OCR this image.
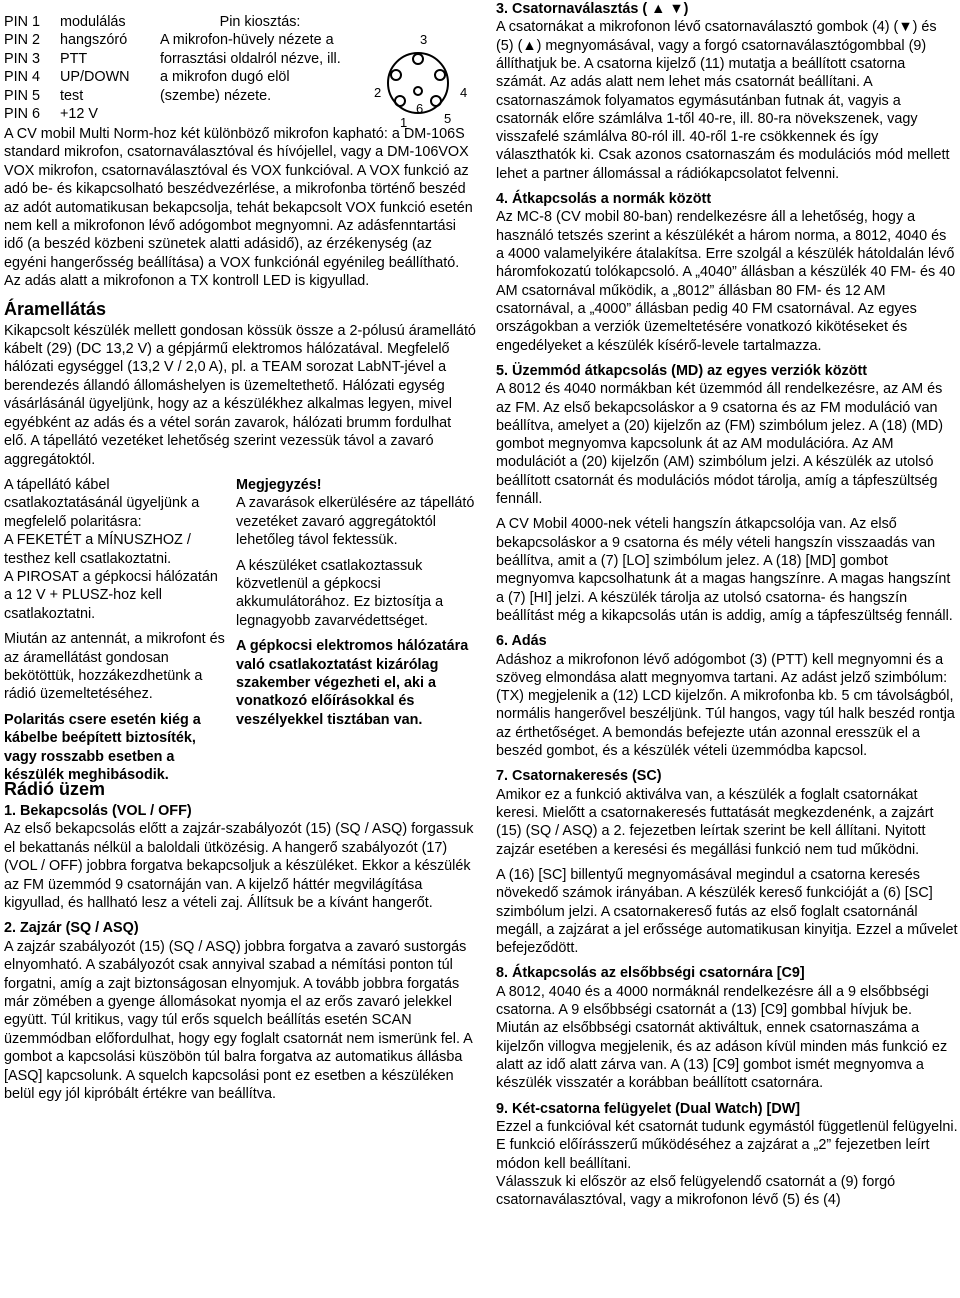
PIN 1	modulálás
PIN 2	hangszóró
PIN 3	PTT
PIN 4	UP/DOWN
PIN 5	test
PIN 6	+12 V
Pin kiosztás:
A mikrofon-hüvely nézete a
forrasztási oldalról nézve, ill.
a mikrofon dugó elöl
(szembe) nézete.
1
2
3
4
5
6

A CV mobil Multi Norm-hoz két különböző mikrofon kapható: a DM-106S standard mikrofon, csatornaválasztóval és hívójellel, vagy a DM-106VOX VOX mikrofon, csatornaválasztóval és VOX funkcióval. A VOX funkció az adó be- és kikapcsolható beszédvezérlése, a mikrofonba történő beszéd az adót automatikusan bekapcsolja, tehát bekapcsolt VOX funkció esetén nem kell a mikrofonon lévő adógombot megnyomni. Az adásfenntartási idő (a beszéd közbeni szünetek alatti adásidő), az érzékenység (az egyéni hangerősség beállítása) a VOX funkciónál egyénileg beállítható. Az adás alatt a mikrofonon a TX kontroll LED is kigyullad.

Áramellátás

Kikapcsolt készülék mellett gondosan kössük össze a 2-pólusú áramellátó kábelt (29) (DC 13,2 V) a gépjármű elektromos hálózatával. Megfelelő hálózati egységgel (13,2 V / 2,0 A), pl. a TEAM sorozat LabNT-jével a berendezés állandó állomáshelyen is üzemeltethető. Hálózati egység vásárlásánál ügyeljünk, hogy az a készülékhez alkalmas legyen, mivel egyébként az adás és a vétel során zavarok, hálózati brumm fordulhat elő. A tápellátó vezetéket lehetőség szerint vezessük távol a zavaró aggregátoktól.

A tápellátó kábel csatlakoztatásánál ügyeljünk a megfelelő polaritásra:

A FEKETÉT a MÍNUSZHOZ / testhez kell csatlakoztatni.

A PIROSAT a gépkocsi hálózatán a 12 V + PLUSZ-hoz kell csatlakoztatni.

Miután az antennát, a mikrofont és az áramellátást gondosan bekötöttük, hozzákezdhetünk a rádió üzemeltetéséhez.

Polaritás csere esetén kiég a kábelbe beépített biztosíték, vagy rosszabb esetben a készülék meghibásodik.

Megjegyzés!

A zavarások elkerülésére az tápellátó vezetéket zavaró aggregátoktól lehetőleg távol fektessük.

A készüléket csatlakoztassuk közvetlenül a gépkocsi akkumulátorához. Ez biztosítja a legnagyobb zavarvédettséget.

A gépkocsi elektromos hálózatára való csatlakoztatást kizárólag szakember végezheti el, aki a vonatkozó előírásokkal és veszélyekkel tisztában van.

Rádió üzem
1. Bekapcsolás (VOL / OFF)

Az első bekapcsolás előtt a zajzár-szabályozót (15) (SQ / ASQ) forgassuk el bekattanás nélkül a baloldali ütközésig. A hangerő szabályozót (17) (VOL / OFF) jobbra forgatva bekapcsoljuk a készüléket. Ekkor a készülék az FM üzemmód 9 csatornáján van. A kijelző háttér megvilágítása kigyullad, és hallható lesz a vételi zaj. Állítsuk be a kívánt hangerőt.

2. Zajzár (SQ / ASQ)

A zajzár szabályozót (15) (SQ / ASQ) jobbra forgatva a zavaró sustorgás elnyomható. A szabályozót csak annyival szabad a némítási ponton túl forgatni, amíg a zajt biztonságosan elnyomjuk. A tovább jobbra forgatás már zömében a gyenge állomásokat nyomja el az erős zavaró jelekkel együtt. Túl kritikus, vagy túl erős squelch beállítás esetén SCAN üzemmódban előfordulhat, hogy egy foglalt csatornát nem ismerünk fel. A gombot a kapcsolási küszöbön túl balra forgatva az automatikus állásba [ASQ] kapcsolunk. A squelch kapcsolási pont ez esetben a készüléken belül egy jól kipróbált értékre van beállítva.

3. Csatornaválasztás ( ▲ ▼)

A csatornákat a mikrofonon lévő csatornaválasztó gombok (4) (▼) és (5) (▲) megnyomásával, vagy a forgó csatornaválasztógombbal (9) állíthatjuk be. A csatorna kijelző (11) mutatja a beállított csatorna számát. Az adás alatt nem lehet más csatornát beállítani. A csatornaszámok folyamatos egymásutánban futnak át, vagyis a csatornák előre számlálva 1-től 40-re, ill. 80-ra növekszenek, vagy visszafelé számlálva 80-ról ill. 40-ről 1-re csökkennek és így választhatók ki. Csak azonos csatornaszám és modulációs mód mellett lehet a partner állomással a rádiókapcsolatot felvenni.

4. Átkapcsolás a normák között

Az MC-8 (CV mobil 80-ban) rendelkezésre áll a lehetőség, hogy a használó tetszés szerint a készülékét a három norma, a 8012, 4040 és a 4000 valamelyikére átalakítsa. Erre szolgál a készülék hátoldalán lévő háromfokozatú tolókapcsoló. A „4040” állásban a készülék 40 FM- és 40 AM csatornával működik, a „8012” állásban 80 FM- és 12 AM csatornával, a „4000” állásban pedig 40 FM csatornával. Az egyes országokban a verziók üzemeltetésére vonatkozó kikötéseket és engedélyeket a készülék kísérő-levele tartalmazza.

5. Üzemmód átkapcsolás (MD) az egyes verziók között

A 8012 és 4040 normákban két üzemmód áll rendelkezésre, az AM és az FM. Az első bekapcsoláskor a 9 csatorna és az FM moduláció van beállítva, amelyet a (20) kijelzőn az (FM) szimbólum jelez. A (18) (MD) gombot megnyomva kapcsolunk át az AM modulációra. Az AM modulációt a (20) kijelzőn (AM) szimbólum jelzi. A készülék az utolsó beállított csatornát és modulációs módot tárolja, amíg a tápfeszültség fennáll.

A CV Mobil 4000-nek vételi hangszín átkapcsolója van. Az első bekapcsoláskor a 9 csatorna és mély vételi hangszín visszaadás van beállítva, amit a (7) [LO] szimbólum jelez. A (18) [MD] gombot megnyomva kapcsolhatunk át a magas hangszínre. A magas hangszínt a (7) [HI] jelzi. A készülék tárolja az utolsó csatorna- és hangszín beállítást még a kikapcsolás után is addig, amíg a tápfeszültség fennáll.

6. Adás

Adáshoz a mikrofonon lévő adógombot (3) (PTT) kell megnyomni és a szöveg elmondása alatt megnyomva tartani. Az adást jelző szimbólum: (TX) megjelenik a (12) LCD kijelzőn. A mikrofonba kb. 5 cm távolságból, normális hangerővel beszéljünk. Túl hangos, vagy túl halk beszéd rontja az érthetőséget. A bemondás befejezte után azonnal eresszük el a beszéd gombot, és a készülék vételi üzemmódba kapcsol.

7. Csatornakeresés (SC)

Amikor ez a funkció aktiválva van, a készülék a foglalt csatornákat keresi. Mielőtt a csatornakeresés futtatását megkezdenénk, a zajzárt (15) (SQ / ASQ) a 2. fejezetben leírtak szerint be kell állítani. Nyitott zajzár esetében a keresési és megállási funkció nem tud működni.

A (16) [SC] billentyű megnyomásával megindul a csatorna keresés növekedő számok irányában. A készülék kereső funkcióját a (6) [SC] szimbólum jelzi. A csatornakereső futás az első foglalt csatornánál megáll, a zajzárat a jel erőssége automatikusan kinyitja. Ezzel a művelet befejeződött.

8. Átkapcsolás az elsőbbségi csatornára [C9]

A 8012, 4040 és a 4000 normáknál rendelkezésre áll a 9 elsőbbségi csatorna. A 9 elsőbbségi csatornát a (13) [C9] gombbal hívjuk be. Miután az elsőbbségi csatornát aktiváltuk, ennek csatornaszáma a kijelzőn villogva megjelenik, és az adáson kívül minden más funkció ez alatt az idő alatt zárva van. A (13) [C9] gombot ismét megnyomva a készülék visszatér a korábban beállított csatornára.

9. Két-csatorna felügyelet (Dual Watch) [DW]

Ezzel a funkcióval két csatornát tudunk egymástól függetlenül felügyelni. E funkció előírásszerű működéséhez a zajzárat a „2” fejezetben leírt módon kell beállítani.

Válasszuk ki először az első felügyelendő csatornát a (9) forgó csatornaválasztóval, vagy a mikrofonon lévő (5) és (4)
